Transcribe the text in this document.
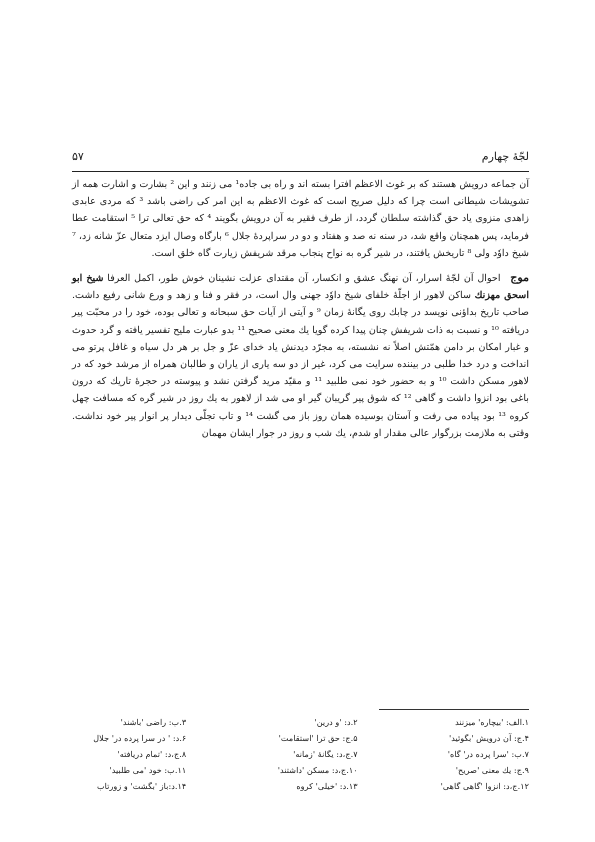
لجّۀ چهارم
۵۷

آن جماعه درویش هستند که بر غوث الاعظم افترا بسته اند و راه بی جاده¹ می زنند و این ² بشارت و اشارت همه از تشویشات شیطانی است چرا که دلیل صریح است که غوث الاعظم به این امر کی راضی باشد ³ که مردی عابدی زاهدی منزوی یاد حق گذاشته سلطان گردد، از طرف فقیر به آن درویش بگویند ⁴ که حق تعالی ترا ⁵ استقامت عطا فرماید، پس همچنان واقع شد، در سنه نه صد و هفتاد و دو در سراپردۀ جلال ⁶ بارگاه وصال ایزد متعال عزّ شانه زد، ⁷ شیخ داوٗد ولی ⁸ تاریخش یافتند، در شیر گره به نواح پنجاب مرقد شریفش زیارت گاه خلق است.

موج احوال آن لجّۀ اسرار، آن نهنگ عشق و انکسار، آن مقتدای عزلت نشینان خوش طور، اکمل العرفا شیخ ابو اسحق مهزنك ساکن لاهور از اجلّۀ خلفای شیخ داوٗد جهنی وال است، در فقر و فنا و زهد و ورع شانی رفیع داشت. صاحب تاریخ بداؤنی نویسد در چابك روی یگانۀ زمان ⁹ و آیتی از آیات حق سبحانه و تعالی بوده، خود را در محبّت پیر دریافته ¹⁰ و نسبت به ذات شریفش چنان پیدا کرده گویا یك معنی صحیح ¹¹ بدو عبارت ملیح تفسیر یافته و گرد حدوث و غبار امکان بر دامن همّتش اصلاً نه نشسته، به مجرّد دیدنش یاد خدای عزّ و جل بر هر دل سیاه و غافل پرتو می انداخت و درد خدا طلبی در بیننده سرایت می کرد، غیر از دو سه یاری از یاران و طالبان همراه از مرشد خود که در لاهور مسکن داشت ¹⁰ و به حضور خود نمی طلبید ¹¹ و مقیّد مرید گرفتن نشد و پیوسته در حجرۀ تاریك که درون باغی بود انزوا داشت و گاهی ¹² که شوق پیر گریبان گیر او می شد از لاهور به یك روز در شیر گره که مسافت چهل کروه ¹³ بود پیاده می رفت و آستان بوسیده همان روز باز می گشت ¹⁴ و تاب تجلّی دیدار پر انوار پیر خود نداشت. وقتی به ملازمت بزرگوار عالی مقدار او شدم، یك شب و روز در جوار ایشان مهمان

۱.الف: 'بیچاره' میزنند
۲.د: 'و درین'
۳.ب: راضی 'باشند'
۴.ج: آن درویش 'بگوئید'
۵.ج: حق ترا 'استقامت'
۶.د: ' در سرا پرده در' جلال
۷.ب: 'سرا پرده در' گاه'
۷.ج،د: یگانۀ 'زمانه'
۸.ج،د: 'تمام دریافته'
۹.ج: یك معنی 'صریح'
۱۰.ج،د: مسکن 'داشتند'
۱۱.ب: خود 'می طلبید'
۱۲.ج،د: انزوا 'گاهی گاهی'
۱۳.د: 'خیلی' کروه
۱۴.د:باز 'بگشت' و زورتاب
